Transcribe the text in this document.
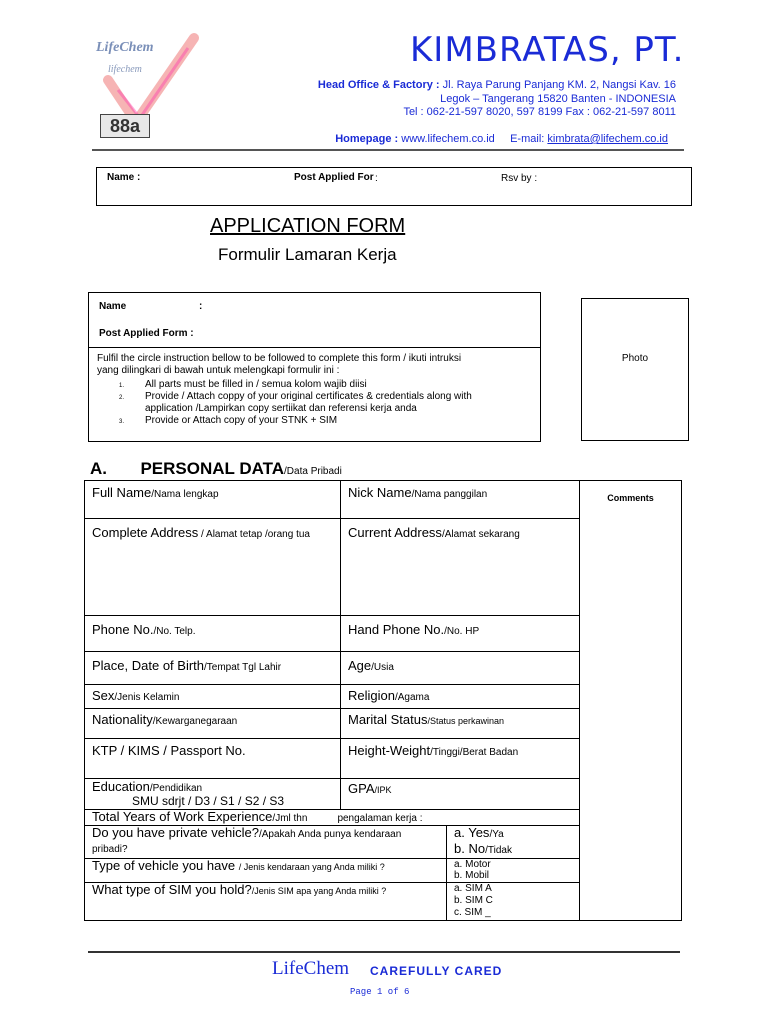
LifeChem
lifechem
88a
KIMBRATAS, PT.
Head Office & Factory : Jl. Raya Parung Panjang KM. 2, Nangsi Kav. 16
Legok – Tangerang 15820 Banten - INDONESIA
Tel : 062-21-597 8020, 597 8199 Fax : 062-21-597 8011
Homepage : www.lifechem.co.id E-mail: kimbrata@lifechem.co.id
Name :	Post Applied For :	Rsv by :
APPLICATION FORM
Formulir Lamaran Kerja
Name	:
Post Applied Form :
Fulfil the circle instruction bellow to be followed to complete this form / ikuti intruksi
yang dilingkari di bawah untuk melengkapi formulir ini :
1. All parts must be filled in / semua kolom wajib diisi
2. Provide / Attach coppy of your original certificates & credentials along with
application /Lampirkan copy sertiikat dan referensi kerja anda
3. Provide or Attach copy of your STNK + SIM
Photo
A. PERSONAL DATA/Data Pribadi
Full Name/Nama lengkap	Nick Name/Nama panggilan		Comments
Complete Address / Alamat tetap /orang tua	Current Address/Alamat sekarang		
Phone No./No. Telp.	Hand Phone No./No. HP		
Place, Date of Birth/Tempat Tgl Lahir	Age/Usia		
Sex/Jenis Kelamin	Religion/Agama		
Nationality/Kewarganegaraan	Marital Status/Status perkawinan		
KTP / KIMS / Passport No.	Height-Weight/Tinggi/Berat Badan		
Education/Pendidikan
SMU sdrjt / D3 / S1 / S2 / S3	GPA/IPK		
Total Years of Work Experience/Jml thn pengalaman kerja :			
Do you have private vehicle?/Apakah Anda punya kendaraan
pribadi?		a. Yes/Ya
b. No/Tidak	
Type of vehicle you have / Jenis kendaraan yang Anda miliki ?		a. Motor
b. Mobil	
What type of SIM you hold?/Jenis SIM apa yang Anda miliki ?		a. SIM A
b. SIM C
c. SIM _	
LifeChem CAREFULLY CARED
Page 1 of 6
